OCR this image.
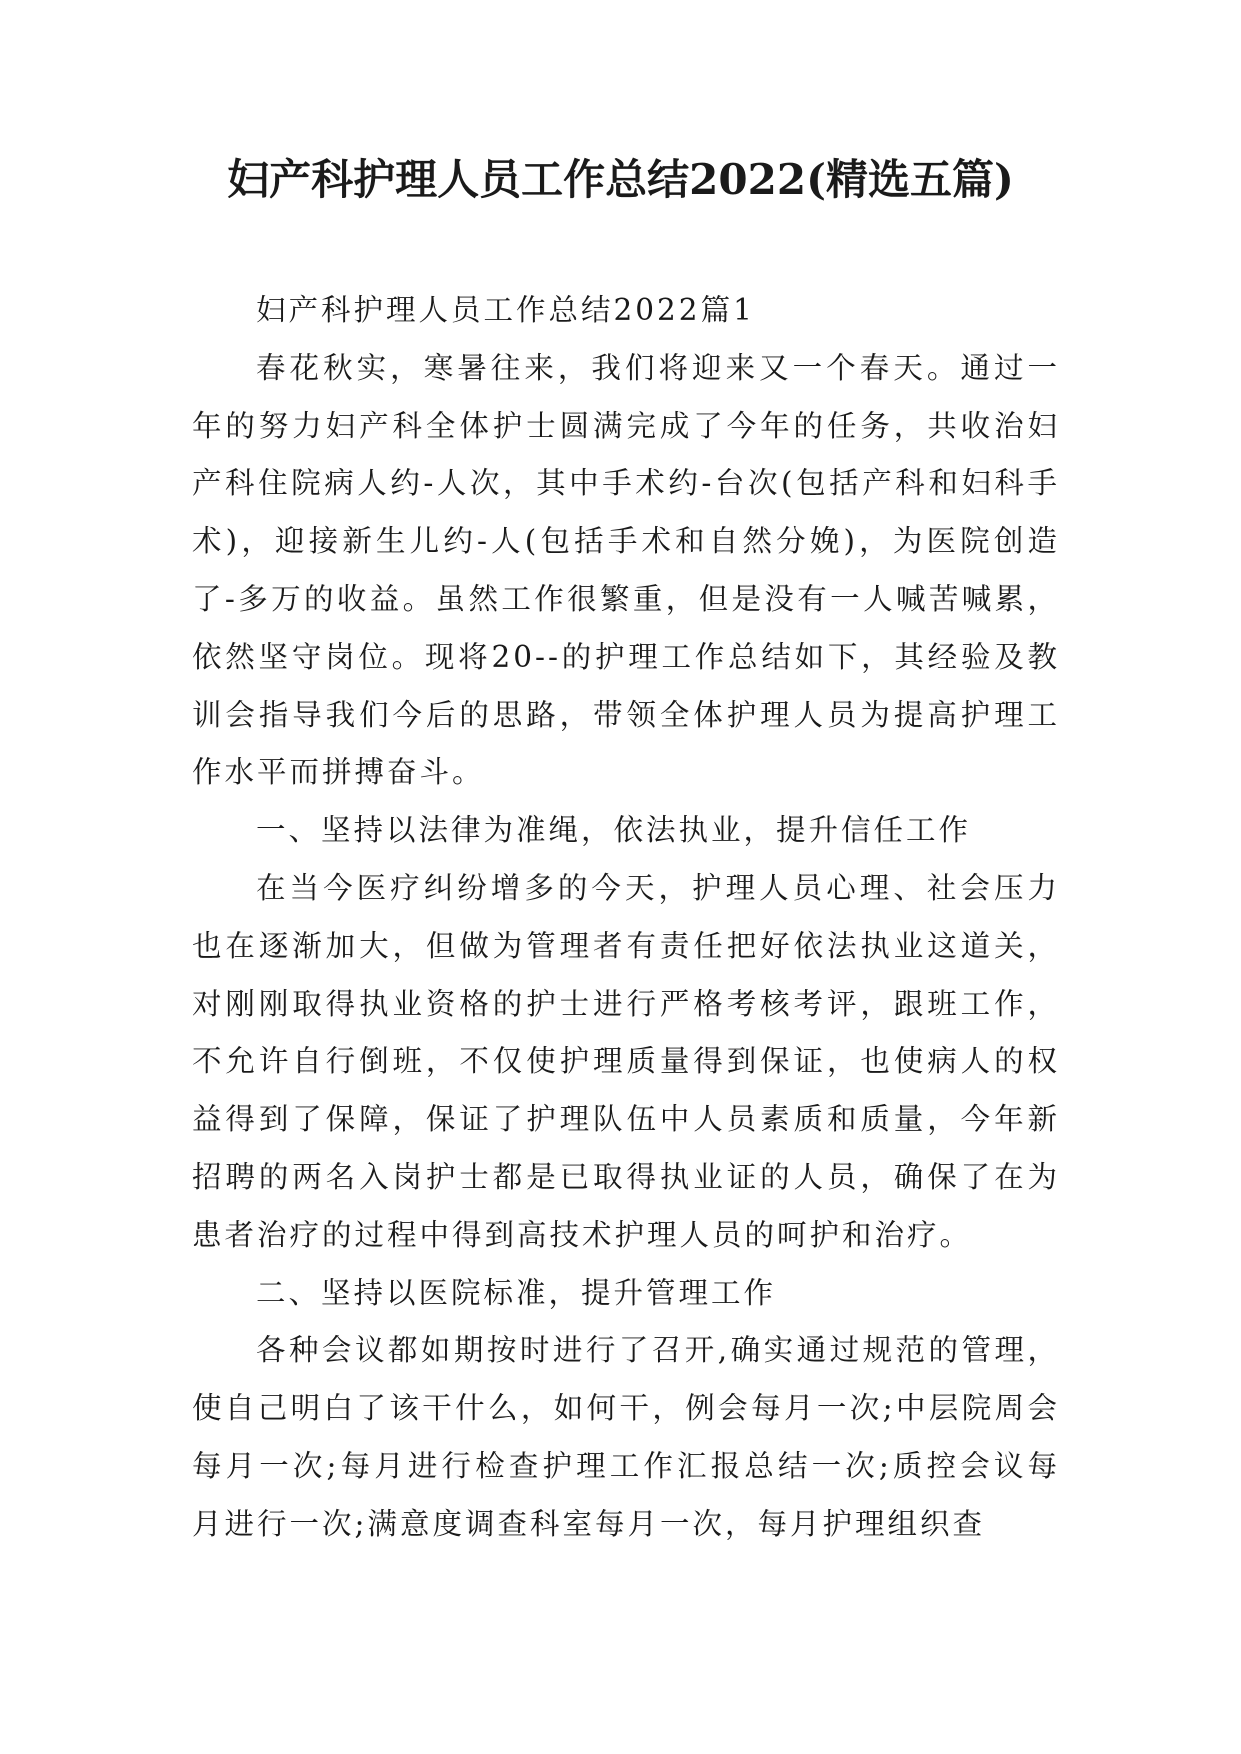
妇产科护理人员工作总结2022(精选五篇)

妇产科护理人员工作总结2022篇1

春花秋实，寒暑往来，我们将迎来又一个春天。通过一年的努力妇产科全体护士圆满完成了今年的任务，共收治妇产科住院病人约-人次，其中手术约-台次(包括产科和妇科手术)，迎接新生儿约-人(包括手术和自然分娩)，为医院创造了-多万的收益。虽然工作很繁重，但是没有一人喊苦喊累，依然坚守岗位。现将20--的护理工作总结如下，其经验及教训会指导我们今后的思路，带领全体护理人员为提高护理工作水平而拼搏奋斗。

一、坚持以法律为准绳，依法执业，提升信任工作

在当今医疗纠纷增多的今天，护理人员心理、社会压力也在逐渐加大，但做为管理者有责任把好依法执业这道关，对刚刚取得执业资格的护士进行严格考核考评，跟班工作，不允许自行倒班，不仅使护理质量得到保证，也使病人的权益得到了保障，保证了护理队伍中人员素质和质量，今年新招聘的两名入岗护士都是已取得执业证的人员，确保了在为患者治疗的过程中得到高技术护理人员的呵护和治疗。

二、坚持以医院标准，提升管理工作

各种会议都如期按时进行了召开,确实通过规范的管理，使自己明白了该干什么，如何干，例会每月一次;中层院周会每月一次;每月进行检查护理工作汇报总结一次;质控会议每月进行一次;满意度调查科室每月一次，每月护理组织查
